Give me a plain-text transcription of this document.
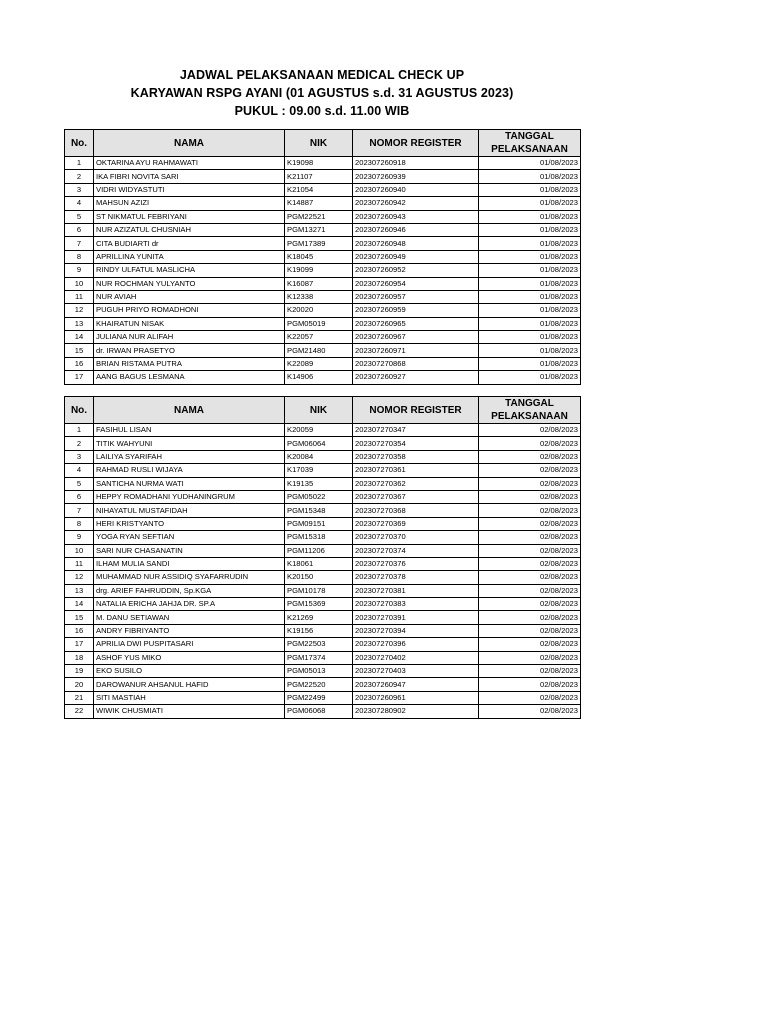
JADWAL PELAKSANAAN MEDICAL CHECK UP
KARYAWAN RSPG AYANI (01 AGUSTUS s.d. 31 AGUSTUS 2023)
PUKUL : 09.00 s.d. 11.00 WIB
No.	NAMA	NIK	NOMOR REGISTER	TANGGAL
PELAKSANAAN
1	OKTARINA AYU RAHMAWATI	K19098	202307260918	01/08/2023
2	IKA FIBRI NOVITA SARI	K21107	202307260939	01/08/2023
3	VIDRI WIDYASTUTI	K21054	202307260940	01/08/2023
4	MAHSUN AZIZI	K14887	202307260942	01/08/2023
5	ST NIKMATUL FEBRIYANI	PGM22521	202307260943	01/08/2023
6	NUR AZIZATUL CHUSNIAH	PGM13271	202307260946	01/08/2023
7	CITA BUDIARTI dr	PGM17389	202307260948	01/08/2023
8	APRILLINA YUNITA	K18045	202307260949	01/08/2023
9	RINDY ULFATUL MASLICHA	K19099	202307260952	01/08/2023
10	NUR ROCHMAN YULYANTO	K16087	202307260954	01/08/2023
11	NUR AVIAH	K12338	202307260957	01/08/2023
12	PUGUH PRIYO ROMADHONI	K20020	202307260959	01/08/2023
13	KHAIRATUN NISAK	PGM05019	202307260965	01/08/2023
14	JULIANA NUR ALIFAH	K22057	202307260967	01/08/2023
15	dr. IRWAN PRASETYO	PGM21480	202307260971	01/08/2023
16	BRIAN RISTAMA PUTRA	K22089	202307270868	01/08/2023
17	AANG BAGUS LESMANA	K14906	202307260927	01/08/2023
No.	NAMA	NIK	NOMOR REGISTER	TANGGAL
PELAKSANAAN
1	FASIHUL LISAN	K20059	202307270347	02/08/2023
2	TITIK WAHYUNI	PGM06064	202307270354	02/08/2023
3	LAILIYA SYARIFAH	K20084	202307270358	02/08/2023
4	RAHMAD RUSLI WIJAYA	K17039	202307270361	02/08/2023
5	SANTICHA NURMA WATI	K19135	202307270362	02/08/2023
6	HEPPY ROMADHANI YUDHANINGRUM	PGM05022	202307270367	02/08/2023
7	NIHAYATUL MUSTAFIDAH	PGM15348	202307270368	02/08/2023
8	HERI KRISTYANTO	PGM09151	202307270369	02/08/2023
9	YOGA RYAN SEFTIAN	PGM15318	202307270370	02/08/2023
10	SARI NUR CHASANATIN	PGM11206	202307270374	02/08/2023
11	ILHAM MULIA SANDI	K18061	202307270376	02/08/2023
12	MUHAMMAD NUR ASSIDIQ SYAFARRUDIN	K20150	202307270378	02/08/2023
13	drg. ARIEF FAHRUDDIN, Sp.KGA	PGM10178	202307270381	02/08/2023
14	NATALIA ERICHA JAHJA DR. SP.A	PGM15369	202307270383	02/08/2023
15	M. DANU SETIAWAN	K21269	202307270391	02/08/2023
16	ANDRY FIBRIYANTO	K19156	202307270394	02/08/2023
17	APRILIA DWI PUSPITASARI	PGM22503	202307270396	02/08/2023
18	ASHOF YUS MIKO	PGM17374	202307270402	02/08/2023
19	EKO SUSILO	PGM05013	202307270403	02/08/2023
20	DAROWANUR AHSANUL HAFID	PGM22520	202307260947	02/08/2023
21	SITI MASTIAH	PGM22499	202307260961	02/08/2023
22	WIWIK CHUSMIATI	PGM06068	202307280902	02/08/2023
